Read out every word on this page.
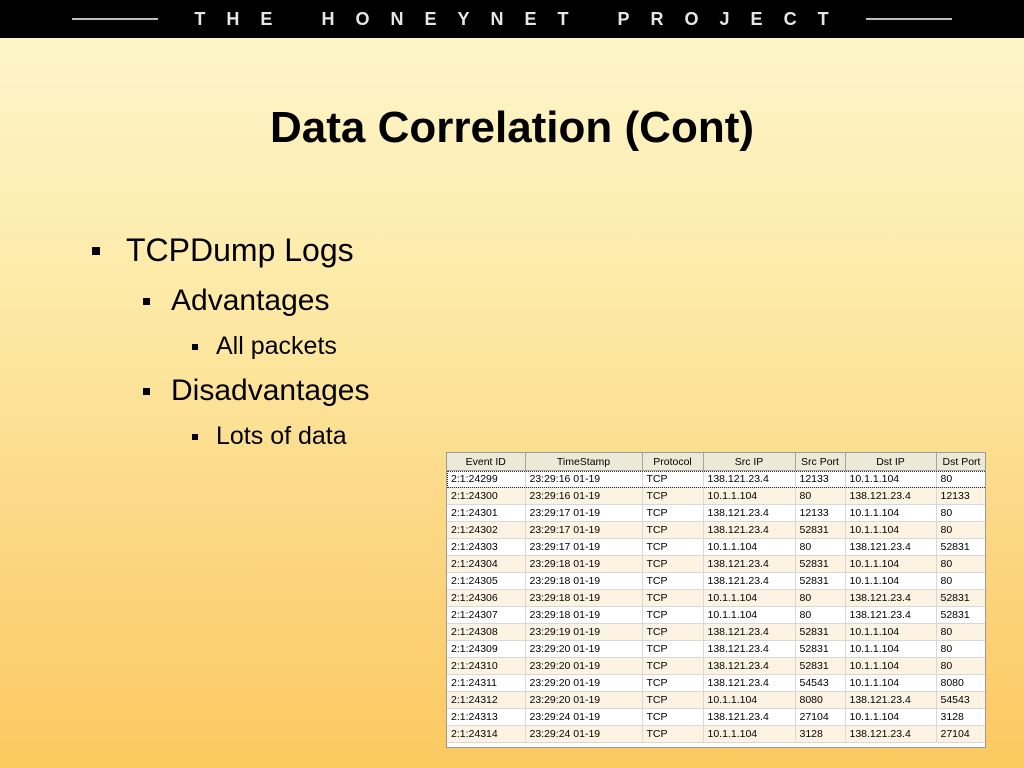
T H E	H O N E Y N E T	P R O J E C T
Data Correlation (Cont)
TCPDump Logs
Advantages
All packets
Disadvantages
Lots of data
Event ID	TimeStamp	Protocol	Src IP	Src Port	Dst IP	Dst Port
2:1:24299	23:29:16 01-19	TCP	138.121.23.4	12133	10.1.1.104	80
2:1:24300	23:29:16 01-19	TCP	10.1.1.104	80	138.121.23.4	12133
2:1:24301	23:29:17 01-19	TCP	138.121.23.4	12133	10.1.1.104	80
2:1:24302	23:29:17 01-19	TCP	138.121.23.4	52831	10.1.1.104	80
2:1:24303	23:29:17 01-19	TCP	10.1.1.104	80	138.121.23.4	52831
2:1:24304	23:29:18 01-19	TCP	138.121.23.4	52831	10.1.1.104	80
2:1:24305	23:29:18 01-19	TCP	138.121.23.4	52831	10.1.1.104	80
2:1:24306	23:29:18 01-19	TCP	10.1.1.104	80	138.121.23.4	52831
2:1:24307	23:29:18 01-19	TCP	10.1.1.104	80	138.121.23.4	52831
2:1:24308	23:29:19 01-19	TCP	138.121.23.4	52831	10.1.1.104	80
2:1:24309	23:29:20 01-19	TCP	138.121.23.4	52831	10.1.1.104	80
2:1:24310	23:29:20 01-19	TCP	138.121.23.4	52831	10.1.1.104	80
2:1:24311	23:29:20 01-19	TCP	138.121.23.4	54543	10.1.1.104	8080
2:1:24312	23:29:20 01-19	TCP	10.1.1.104	8080	138.121.23.4	54543
2:1:24313	23:29:24 01-19	TCP	138.121.23.4	27104	10.1.1.104	3128
2:1:24314	23:29:24 01-19	TCP	10.1.1.104	3128	138.121.23.4	27104
